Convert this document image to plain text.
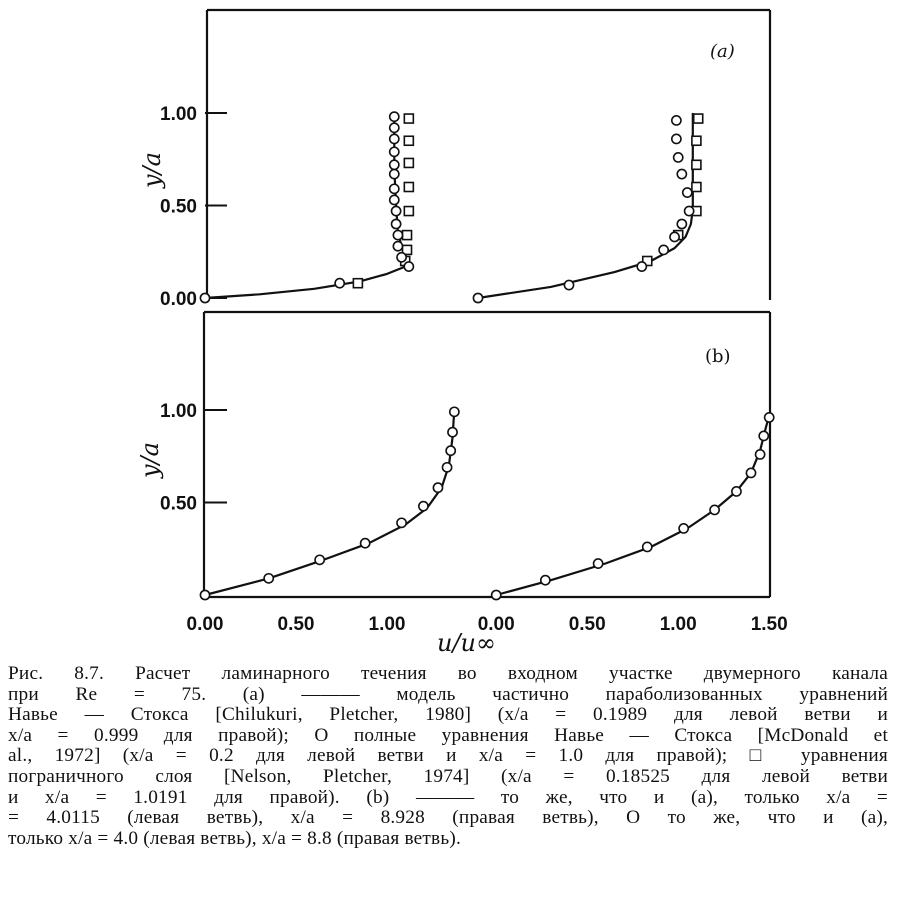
(a)
y/a
1.00
0.50
0.00
(b)
y/a
u/u∞
1.00
0.50
0.00	0.50	1.00	0.00	0.50	1.00	1.50
Рис. 8.7. Расчет ламинарного течения во входном участке двумерного канала
при Re = 75. (a) ——— модель частично параболизованных уравнений
Навье — Стокса [Chilukuri, Pletcher, 1980] (x/a = 0.1989 для левой ветви и
x/a = 0.999 для правой); O полные уравнения Навье — Стокса [McDonald et
al., 1972] (x/a = 0.2 для левой ветви и x/a = 1.0 для правой); □ уравнения
пограничного слоя [Nelson, Pletcher, 1974] (x/a = 0.18525 для левой ветви
и x/a = 1.0191 для правой). (b) ——— то же, что и (a), только x/a =
= 4.0115 (левая ветвь), x/a = 8.928 (правая ветвь), O то же, что и (a),
только x/a = 4.0 (левая ветвь), x/a = 8.8 (правая ветвь).
